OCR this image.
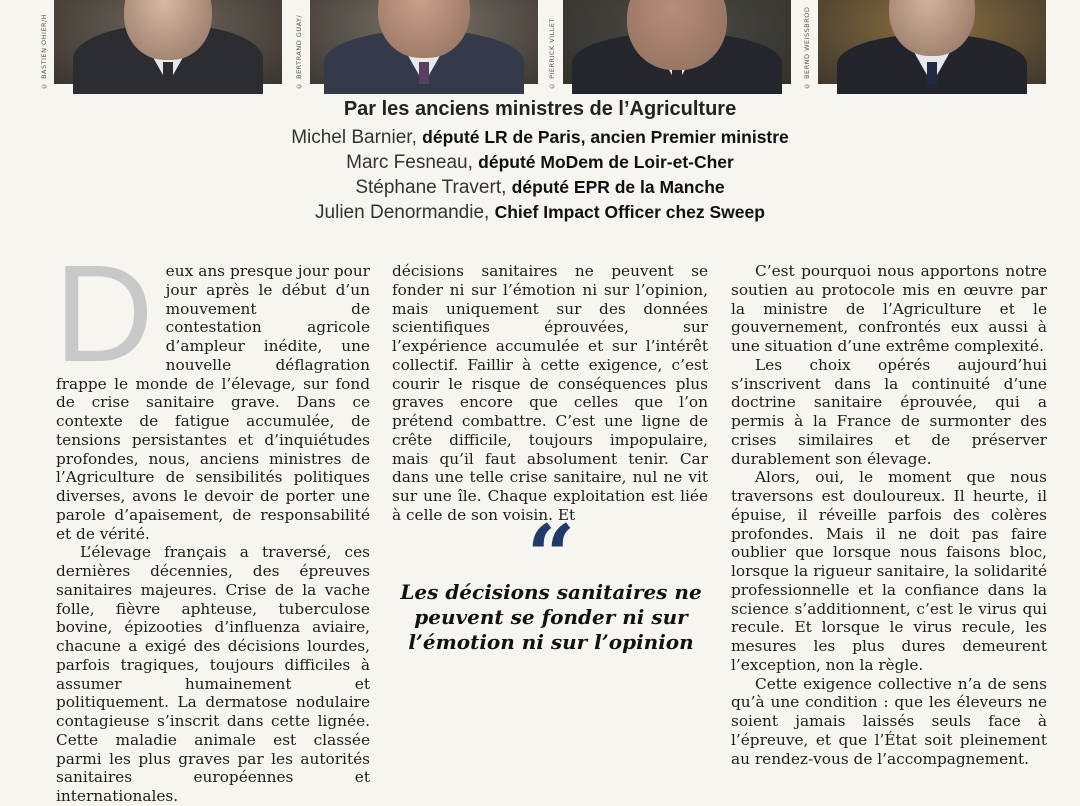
© BASTIEN OHIER/H	© BERTRAND GUAY/	© PIERRICK VILLET	© BERND WEISSBROD
Par les anciens ministres de l’Agriculture
Michel Barnier, député LR de Paris, ancien Premier ministre
Marc Fesneau, député MoDem de Loir-et-Cher
Stéphane Travert, député EPR de la Manche
Julien Denormandie, Chief Impact Officer chez Sweep

Deux ans presque jour pour jour après le début d’un mouvement de contestation agricole d’ampleur inédite, une nouvelle déflagration frappe le monde de l’élevage, sur fond de crise sanitaire grave. Dans ce contexte de fatigue accumulée, de tensions persistantes et d’inquiétudes profondes, nous, anciens ministres de l’Agriculture de sensibilités politiques diverses, avons le devoir de porter une parole d’apaisement, de responsabilité et de vérité.

L’élevage français a traversé, ces dernières décennies, des épreuves sanitaires majeures. Crise de la vache folle, fièvre aphteuse, tuberculose bovine, épizooties d’influenza aviaire, chacune a exigé des décisions lourdes, parfois tragiques, toujours difficiles à assumer humainement et politiquement. La dermatose nodulaire contagieuse s’inscrit dans cette lignée. Cette maladie animale est classée parmi les plus graves par les autorités sanitaires européennes et internationales.

décisions sanitaires ne peuvent se fonder ni sur l’émotion ni sur l’opinion, mais uniquement sur des données scientifiques éprouvées, sur l’expérience accumulée et sur l’intérêt collectif. Faillir à cette exigence, c’est courir le risque de conséquences plus graves encore que celles que l’on prétend combattre. C’est une ligne de crête difficile, toujours impopulaire, mais qu’il faut absolument tenir. Car dans une telle crise sanitaire, nul ne vit sur une île. Chaque exploitation est liée à celle de son voisin. Et

“
Les décisions sanitaires ne peuvent se fonder ni sur l’émotion ni sur l’opinion

C’est pourquoi nous apportons notre soutien au protocole mis en œuvre par la ministre de l’Agriculture et le gouvernement, confrontés eux aussi à une situation d’une extrême complexité.

Les choix opérés aujourd’hui s’inscrivent dans la continuité d’une doctrine sanitaire éprouvée, qui a permis à la France de surmonter des crises similaires et de préserver durablement son élevage.

Alors, oui, le moment que nous traversons est douloureux. Il heurte, il épuise, il réveille parfois des colères profondes. Mais il ne doit pas faire oublier que lorsque nous faisons bloc, lorsque la rigueur sanitaire, la solidarité professionnelle et la confiance dans la science s’additionnent, c’est le virus qui recule. Et lorsque le virus recule, les mesures les plus dures demeurent l’exception, non la règle.

Cette exigence collective n’a de sens qu’à une condition : que les éleveurs ne soient jamais laissés seuls face à l’épreuve, et que l’État soit pleinement au rendez-vous de l’accompagnement.
